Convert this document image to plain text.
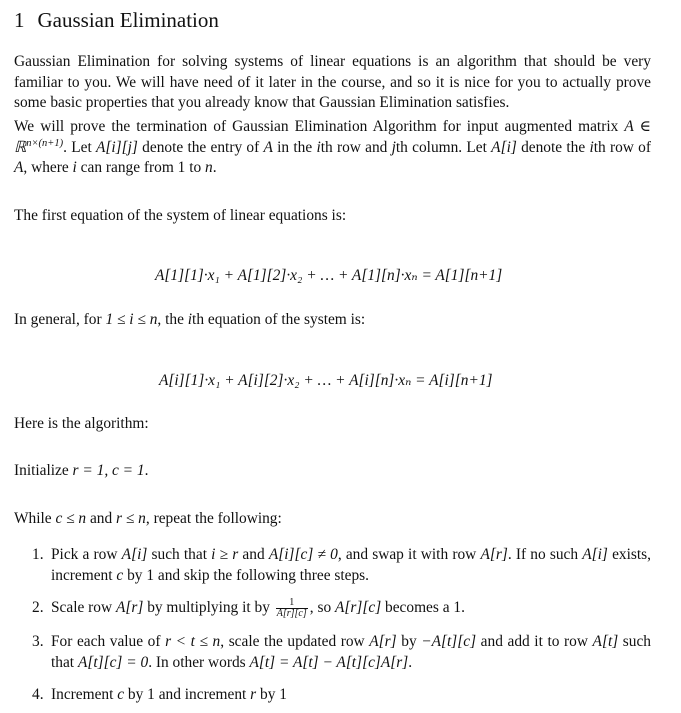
1 Gaussian Elimination

Gaussian Elimination for solving systems of linear equations is an algorithm that should be very familiar to you. We will have need of it later in the course, and so it is nice for you to actually prove some basic properties that you already know that Gaussian Elimination satisfies.

We will prove the termination of Gaussian Elimination Algorithm for input augmented matrix A ∈ ℝ$^{n\times(n+1)}$. Let A[i][j] denote the entry of A in the ith row and jth column. Let A[i] denote the ith row of A, where i can range from 1 to n.

The first equation of the system of linear equations is:
A[1][1]·x₁ + A[1][2]·x₂ + … + A[1][n]·xₙ = A[1][n+1]
In general, for 1 ≤ i ≤ n, the ith equation of the system is:
A[i][1]·x₁ + A[i][2]·x₂ + … + A[i][n]·xₙ = A[i][n+1]
Here is the algorithm:
Initialize r = 1, c = 1.
While c ≤ n and r ≤ n, repeat the following:
1. Pick a row A[i] such that i ≥ r and A[i][c] ≠ 0, and swap it with row A[r]. If no such A[i] exists, increment c by 1 and skip the following three steps.
2. Scale row A[r] by multiplying it by $\frac{1}{A[r][c]}$ , so A[r][c] becomes a 1.
3. For each value of r < t ≤ n, scale the updated row A[r] by −A[t][c] and add it to row A[t] such that A[t][c] = 0. In other words A[t] = A[t] − A[t][c]A[r].
4. Increment c by 1 and increment r by 1
